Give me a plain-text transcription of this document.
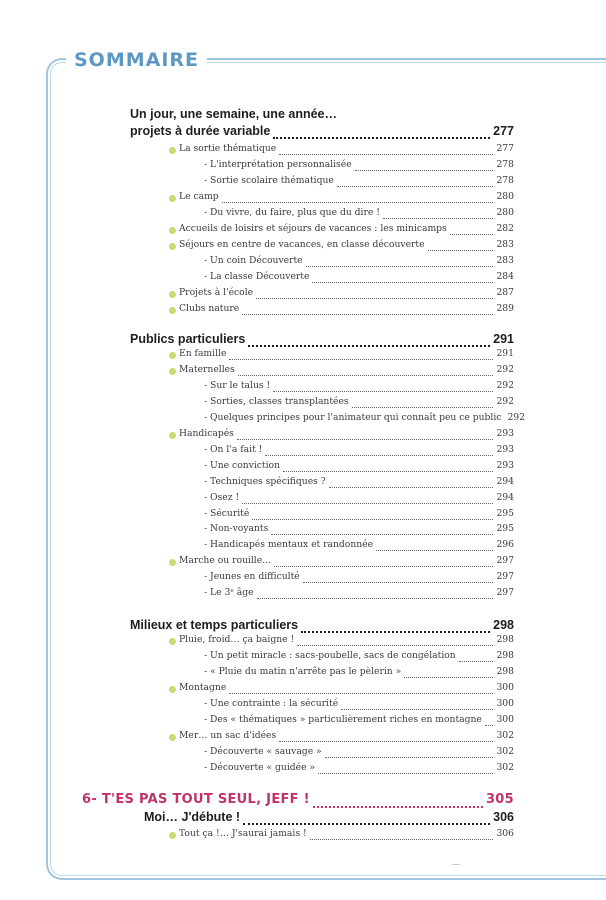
SOMMAIRE
Un jour, une semaine, une année…
projets à durée variable	277
La sortie thématique	277
- L'interprétation personnalisée	278
- Sortie scolaire thématique	278
Le camp	280
- Du vivre, du faire, plus que du dire !	280
Accueils de loisirs et séjours de vacances : les minicamps	282
Séjours en centre de vacances, en classe découverte	283
- Un coin Découverte	283
- La classe Découverte	284
Projets à l'école	287
Clubs nature	289
Publics particuliers	291
En famille	291
Maternelles	292
- Sur le talus !	292
- Sorties, classes transplantées	292
- Quelques principes pour l'animateur qui connaît peu ce public 292
Handicapés	293
- On l'a fait !	293
- Une conviction	293
- Techniques spécifiques ?	294
- Osez !	294
- Sécurité	295
- Non-voyants	295
- Handicapés mentaux et randonnée	296
Marche ou rouille…	297
- Jeunes en difficulté	297
- Le 3ᵉ âge	297
Milieux et temps particuliers	298
Pluie, froid… ça baigne !	298
- Un petit miracle : sacs-poubelle, sacs de congélation	298
- « Pluie du matin n'arrête pas le pèlerin »	298
Montagne	300
- Une contrainte : la sécurité	300
- Des « thématiques » particulièrement riches en montagne 300
Mer… un sac d'idées	302
- Découverte « sauvage »	302
- Découverte « guidée »	302
6- T'ES PAS TOUT SEUL, JEFF !	305
Moi… J'débute !	306
Tout ça !… J'saurai jamais !	306
